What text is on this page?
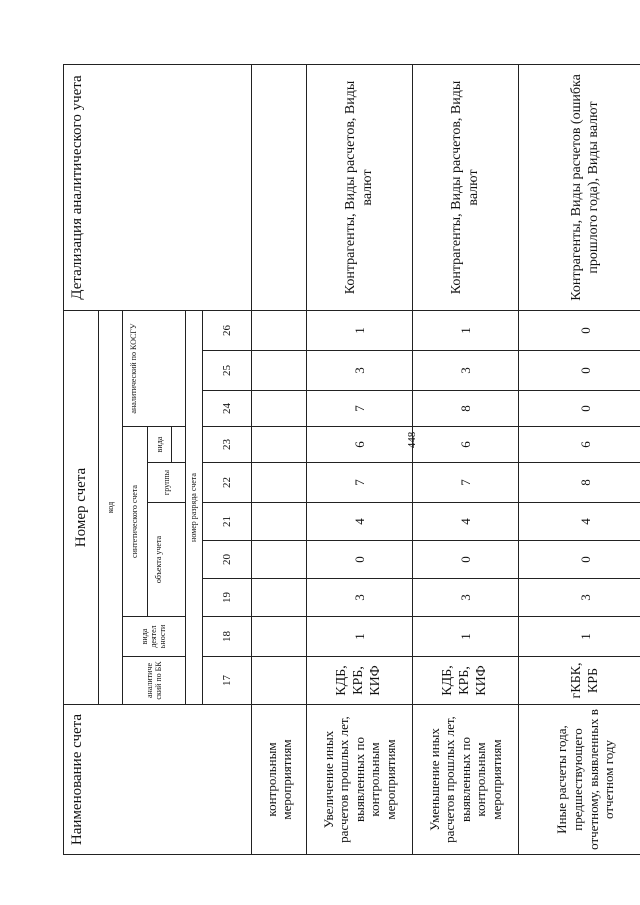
448
Наименование счета	Номер счета										Детализация аналитического учета
	код										
	аналитиче ский по БК	вида деятел ьности	синтетического счета					аналитический по КОСГУ			
			объекта учета			группы	вида				

	номер разряда счета										
	17	18	19	20	21	22	23	24	25	26	
контрольным мероприятиям											
Увеличение иных расчетов прошлых лет, выявленных по контрольным мероприятиям	КДБ, КРБ, КИФ	1	3	0	4	7	6	7	3	1	Контрагенты, Виды расчетов, Виды валют
Уменьшение иных расчетов прошлых лет, выявленных по контрольным мероприятиям	КДБ, КРБ, КИФ	1	3	0	4	7	6	8	3	1	Контрагенты, Виды расчетов, Виды валют
Иные расчеты года, предшествующего отчетному, выявленных в отчетном году	гКБК, КРБ	1	3	0	4	8	6	0	0	0	Контрагенты, Виды расчетов (ошибка прошлого года), Виды валют
